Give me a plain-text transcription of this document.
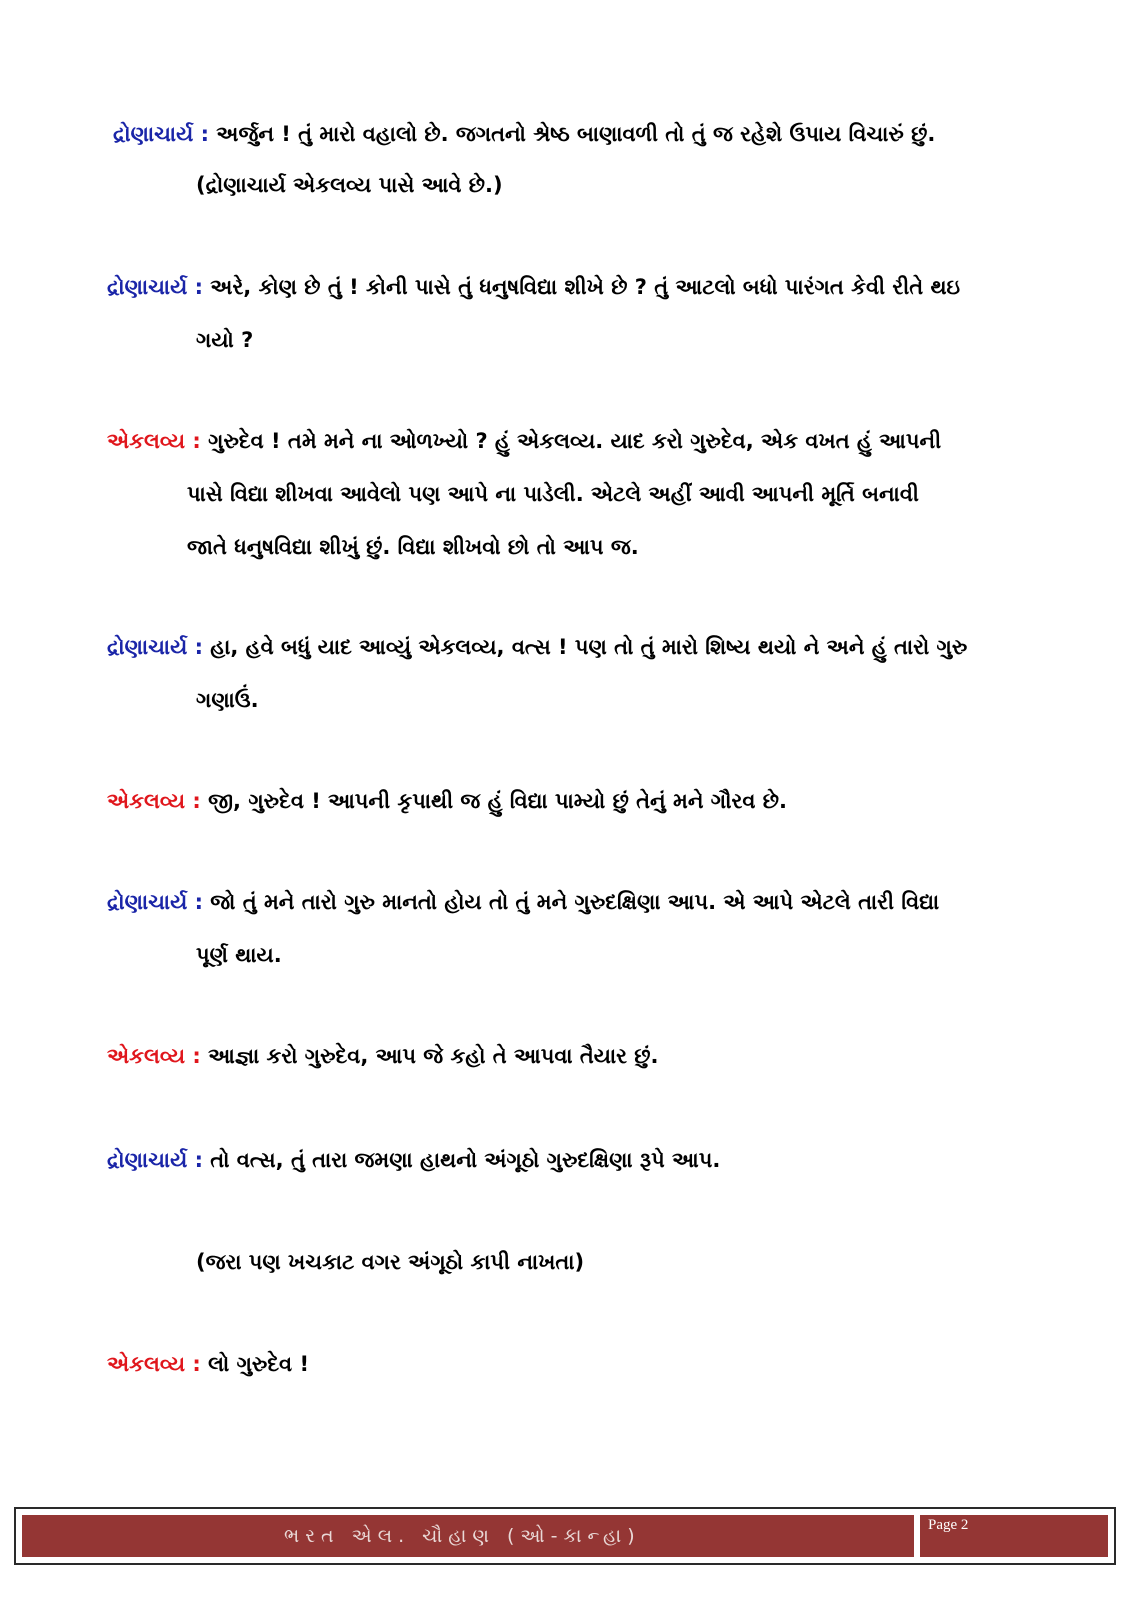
દ્રોણાચાર્ય : અર્જુન ! તું મારો વહાલો છે. જગતનો શ્રેષ્ઠ બાણાવળી તો તું જ રહેશે ઉપાય વિચારું છું.
(દ્રોણાચાર્ય એકલવ્ય પાસે આવે છે.)
દ્રોણાચાર્ય : અરે, કોણ છે તું ! કોની પાસે તું ધનુષવિદ્યા શીખે છે ? તું આટલો બધો પારંગત કેવી રીતે થઇ
ગયો ?
એકલવ્ય : ગુરુદેવ ! તમે મને ના ઓળખ્યો ? હું એકલવ્ય. યાદ કરો ગુરુદેવ, એક વખત હું આપની
પાસે વિદ્યા શીખવા આવેલો પણ આપે ના પાડેલી. એટલે અહીં આવી આપની મૂર્તિ બનાવી
જાતે ધનુષવિદ્યા શીખું છું. વિદ્યા શીખવો છો તો આપ જ.
દ્રોણાચાર્ય : હા, હવે બધું યાદ આવ્યું એકલવ્ય, વત્સ ! પણ તો તું મારો શિષ્ય થયો ને અને હું તારો ગુરુ
ગણાઉં.
એકલવ્ય : જી, ગુરુદેવ ! આપની કૃપાથી જ હું વિદ્યા પામ્યો છું તેનું મને ગૌરવ છે.
દ્રોણાચાર્ય : જો તું મને તારો ગુરુ માનતો હોય તો તું મને ગુરુદક્ષિણા આપ. એ આપે એટલે તારી વિદ્યા
પૂર્ણ થાય.
એકલવ્ય : આજ્ઞા કરો ગુરુદેવ, આપ જે કહો તે આપવા તૈયાર છું.
દ્રોણાચાર્ય : તો વત્સ, તું તારા જમણા હાથનો અંગૂઠો ગુરુદક્ષિણા રૂપે આપ.
(જરા પણ ખચકાટ વગર અંગૂઠો કાપી નાખતા)
એકલવ્ય : લો ગુરુદેવ !
ભરત એલ. ચૌહાણ (ઓ-કાન્હા)	Page 2
